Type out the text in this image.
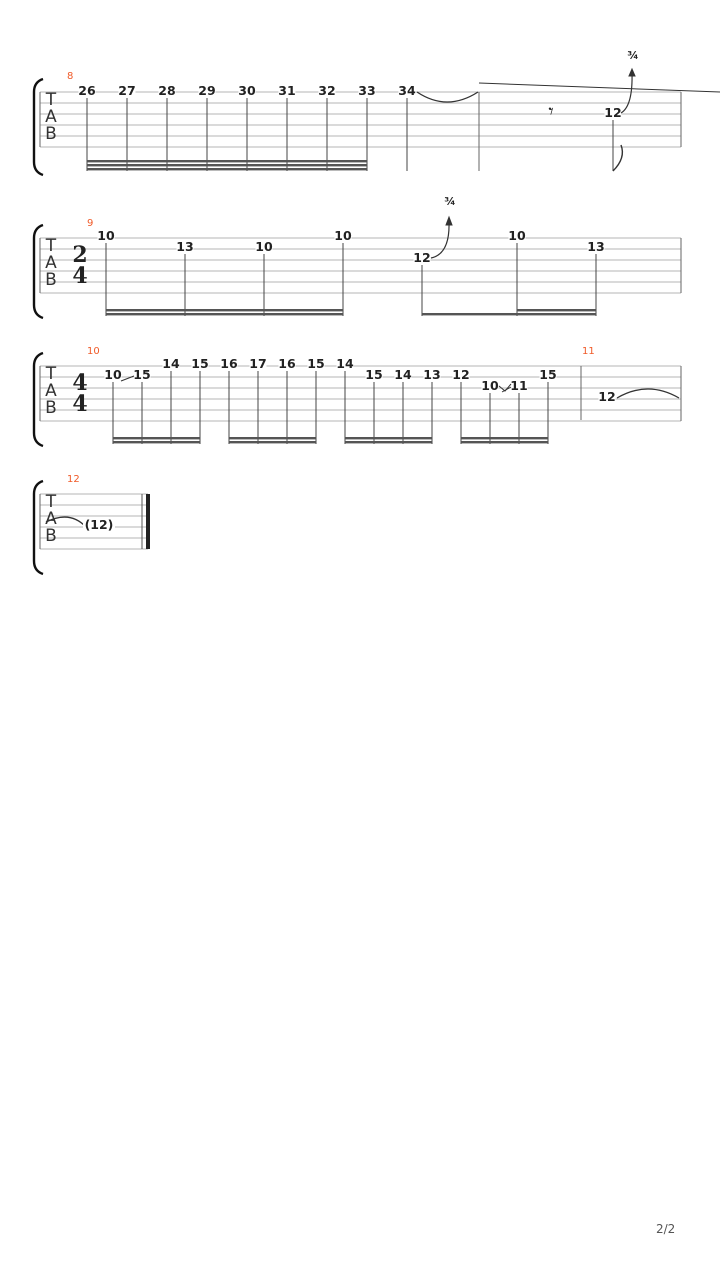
T
A
B
8
26 27 28 29 30 31 32 33 34
𝄾	12
¾
T
A
B
9
2
4
10
13	10
10
12
10
13
¾
T
A
B
10
4
4
10 15
14 15 16 17 16 15 14
15 14 13 12
10 11
15
11
12
T
A
B
12
(12)
2/2
